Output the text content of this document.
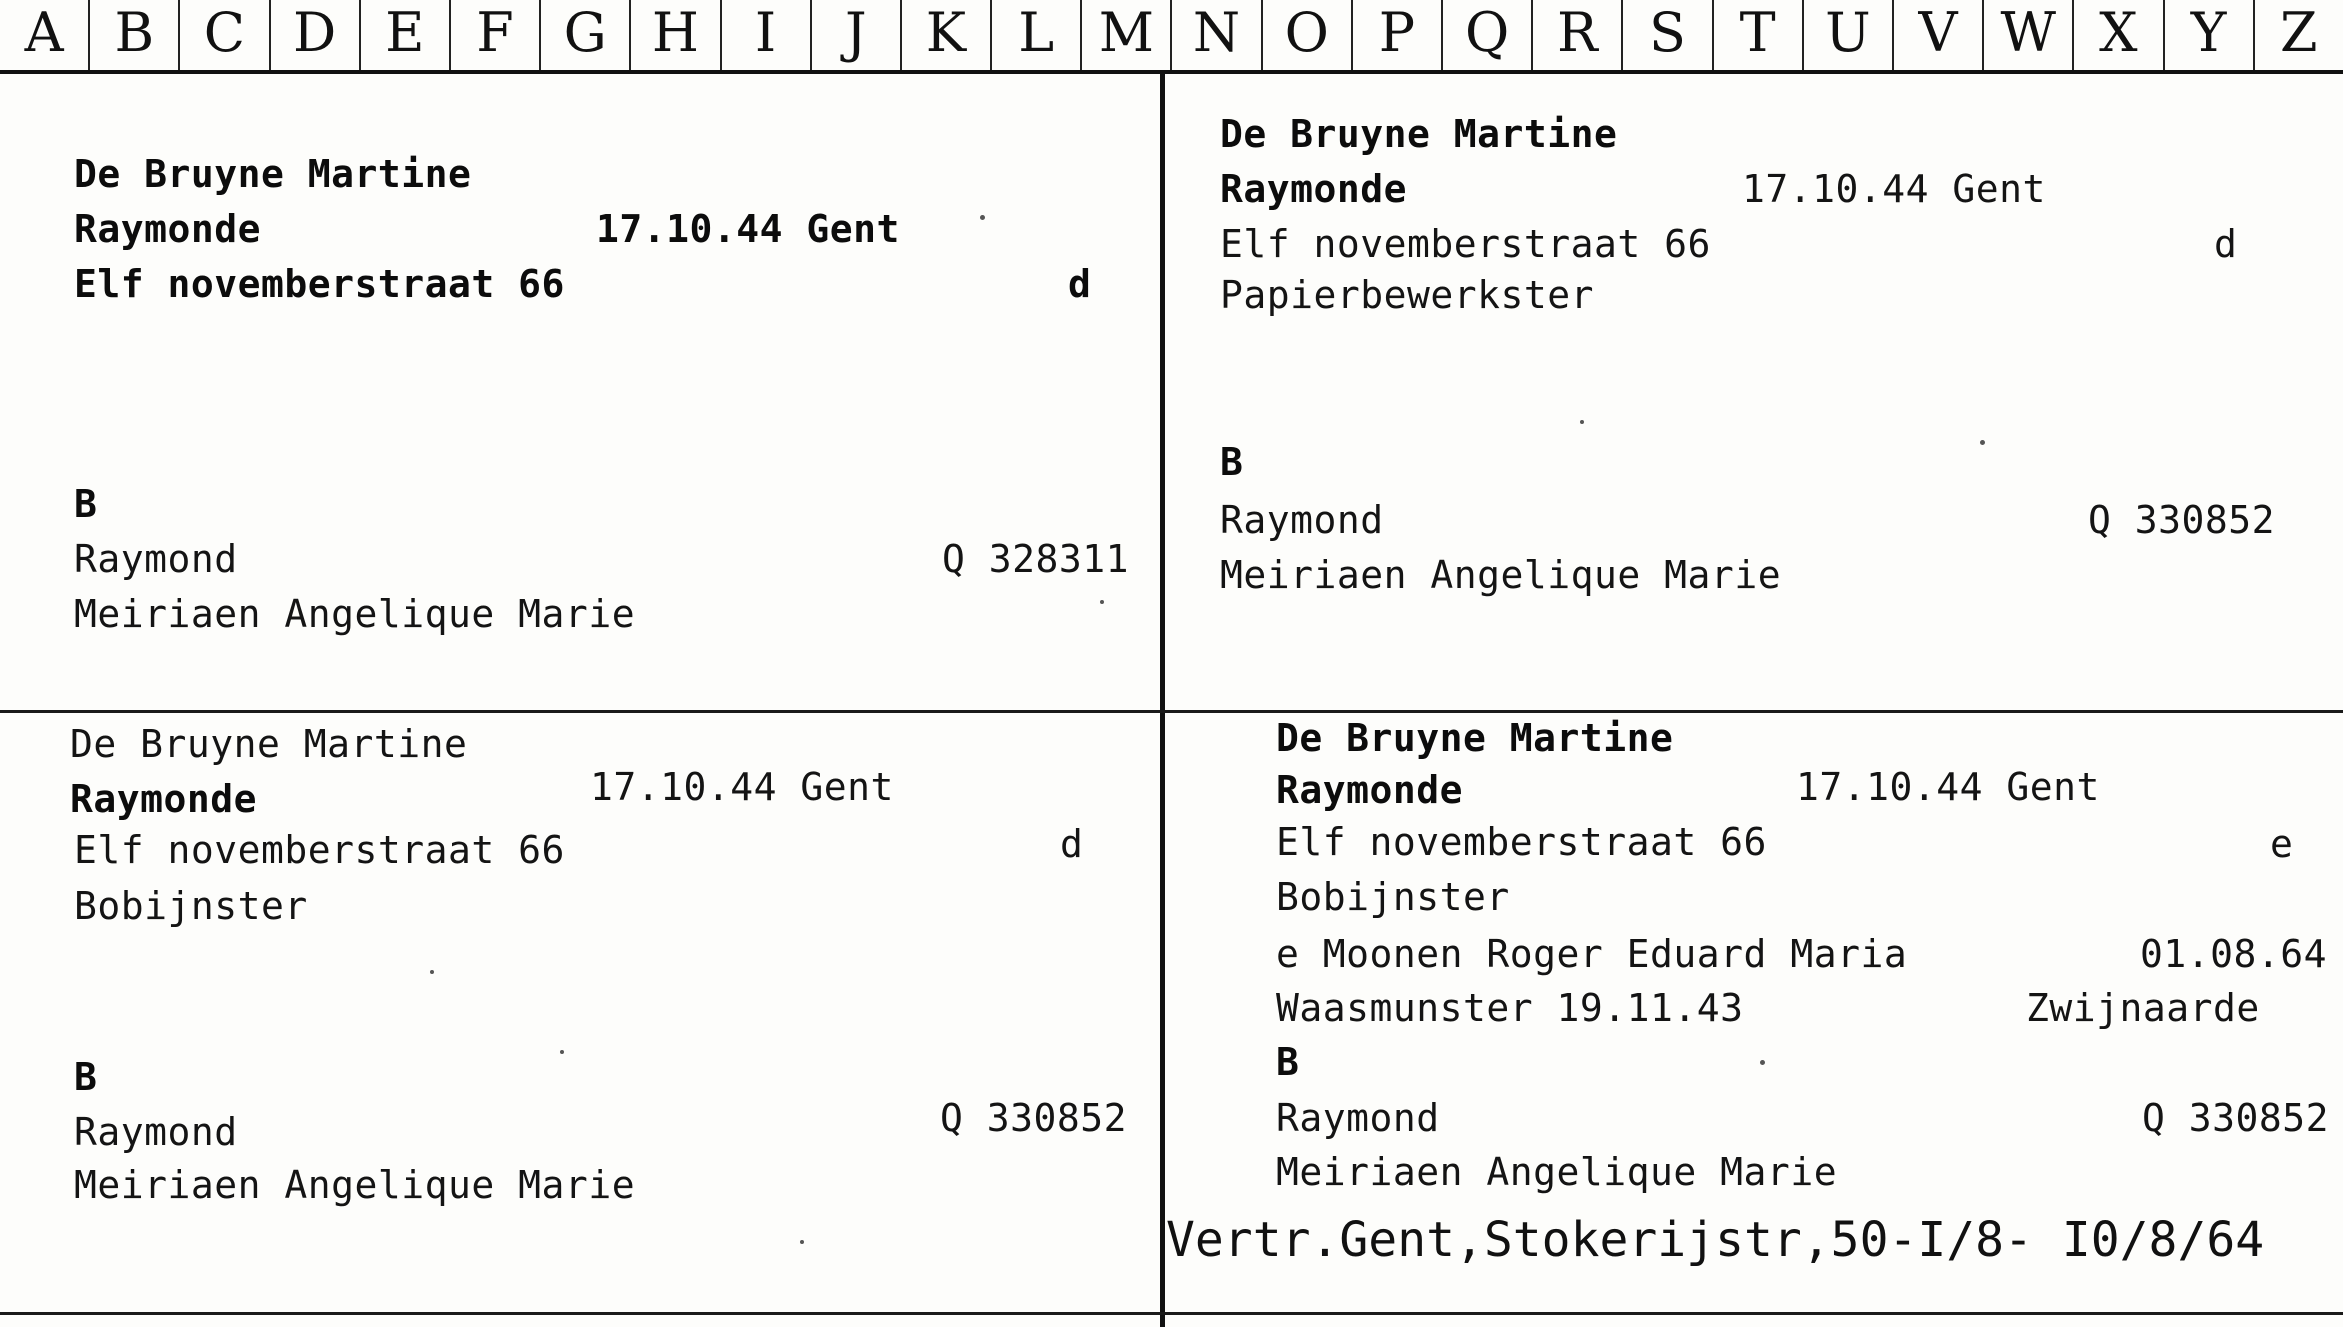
A B C D E F G H	I	J	K L M N O P Q R S T U V W X Y Z
De Bruyne Martine
Raymonde	17.10.44 Gent
Elf novemberstraat 66	d
B
Raymond	Q 328311
Meiriaen Angelique Marie
De Bruyne Martine
Raymonde	17.10.44 Gent
Elf novemberstraat 66	d
Papierbewerkster
B
Raymond	Q 330852
Meiriaen Angelique Marie
De Bruyne Martine
Raymonde	17.10.44 Gent
Elf novemberstraat 66	d
Bobijnster
B
Raymond	Q 330852
Meiriaen Angelique Marie
De Bruyne Martine
Raymonde	17.10.44 Gent
Elf novemberstraat 66	e
Bobijnster
e Moonen Roger Eduard Maria	01.08.64
Waasmunster 19.11.43	Zwijnaarde
B
Raymond	Q 330852
Meiriaen Angelique Marie
Vertr.Gent,Stokerijstr,50-I/8- I0/8/64
